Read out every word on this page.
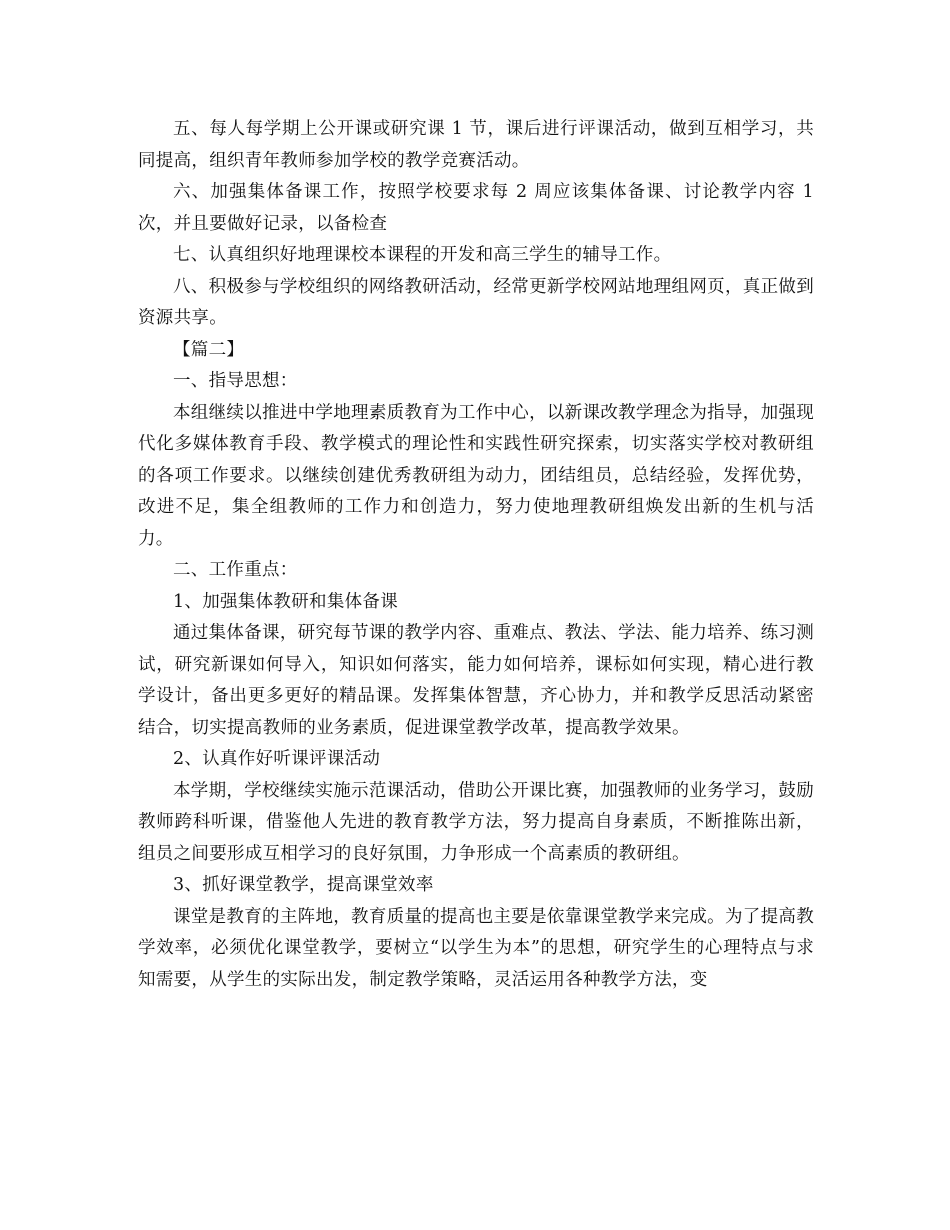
五、每人每学期上公开课或研究课 1 节，课后进行评课活动，做到互相学习，共同提高，组织青年教师参加学校的教学竞赛活动。

六、加强集体备课工作，按照学校要求每 2 周应该集体备课、讨论教学内容 1 次，并且要做好记录，以备检查

七、认真组织好地理课校本课程的开发和高三学生的辅导工作。

八、积极参与学校组织的网络教研活动，经常更新学校网站地理组网页，真正做到资源共享。

【篇二】

一、指导思想：

本组继续以推进中学地理素质教育为工作中心，以新课改教学理念为指导，加强现代化多媒体教育手段、教学模式的理论性和实践性研究探索，切实落实学校对教研组的各项工作要求。以继续创建优秀教研组为动力，团结组员，总结经验，发挥优势，改进不足，集全组教师的工作力和创造力，努力使地理教研组焕发出新的生机与活力。

二、工作重点：

1、加强集体教研和集体备课

通过集体备课，研究每节课的教学内容、重难点、教法、学法、能力培养、练习测试，研究新课如何导入，知识如何落实，能力如何培养，课标如何实现，精心进行教学设计，备出更多更好的精品课。发挥集体智慧，齐心协力，并和教学反思活动紧密结合，切实提高教师的业务素质，促进课堂教学改革，提高教学效果。

2、认真作好听课评课活动

本学期，学校继续实施示范课活动，借助公开课比赛，加强教师的业务学习，鼓励教师跨科听课，借鉴他人先进的教育教学方法，努力提高自身素质，不断推陈出新，组员之间要形成互相学习的良好氛围，力争形成一个高素质的教研组。

3、抓好课堂教学，提高课堂效率

课堂是教育的主阵地，教育质量的提高也主要是依靠课堂教学来完成。为了提高教学效率，必须优化课堂教学，要树立“以学生为本”的思想，研究学生的心理特点与求知需要，从学生的实际出发，制定教学策略，灵活运用各种教学方法，变
